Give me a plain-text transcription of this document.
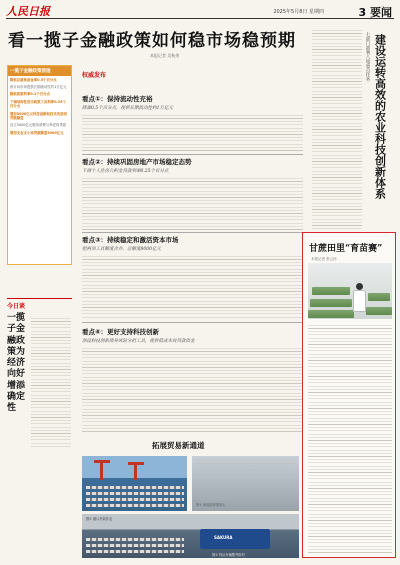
人民日报	2025年5月8日 星期四	3 要闻
看一揽子金融政策如何稳市场稳预期
本报记者 吴秋余
一揽子金融政策措施
降低存款准备金率0.5个百分点
预计向市场提供长期流动性约1万亿元
降低政策利率0.1个百分点
下调结构性货币政策工具利率0.25个百分点
增加3000亿元科技创新和技术改造再贷款额度
设立5000亿元服务消费与养老再贷款
增加支农支小再贷款额度3000亿元
今日谈
一揽子金融政策为经济向好增添确定性
权威发布
看点①：保持流动性充裕
降准0.5个百分点，提供长期流动性约1万亿元
看点②：持续巩固房地产市场稳定态势
下调个人住房公积金贷款利率0.25个百分点
看点③：持续稳定和激活资本市场
把两项工具额度合并，总额度8000亿元
看点④：更好支持科技创新
创设科技创新债券风险分担工具，提供低成本再贷款资金
七部门部署八项重点任务 建设运转高效的农业科技创新体系
甘蔗田里“育苗赛”
本报记者 张云河
拓展贸易新通道
图② 滚装船停靠码头
SAKURA
图① 港口吊装作业
图③ 待运车辆整齐排列
